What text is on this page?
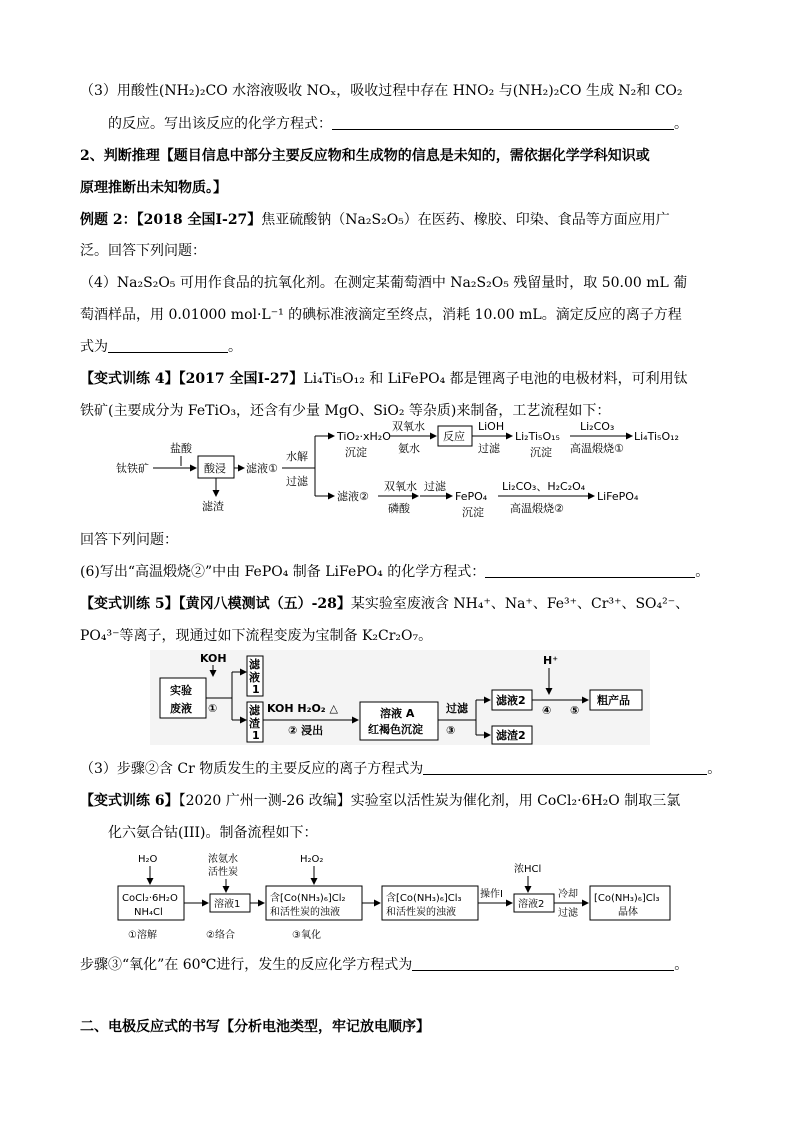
（3）用酸性(NH₂)₂CO 水溶液吸收 NOₓ，吸收过程中存在 HNO₂ 与(NH₂)₂CO 生成 N₂和 CO₂
的反应。写出该反应的化学方程式：	。
2、判断推理【题目信息中部分主要反应物和生成物的信息是未知的，需依据化学学科知识或
原理推断出未知物质。】
例题 2：【2018 全国I-27】焦亚硫酸钠（Na₂S₂O₅）在医药、橡胶、印染、食品等方面应用广
泛。回答下列问题：
（4）Na₂S₂O₅ 可用作食品的抗氧化剂。在测定某葡萄酒中 Na₂S₂O₅ 残留量时，取 50.00 mL 葡
萄酒样品，用 0.01000 mol·L⁻¹ 的碘标准液滴定至终点，消耗 10.00 mL。滴定反应的离子方程
式为	。
【变式训练 4】【2017 全国I-27】Li₄Ti₅O₁₂ 和 LiFePO₄ 都是锂离子电池的电极材料，可利用钛
铁矿(主要成分为 FeTiO₃，还含有少量 MgO、SiO₂ 等杂质)来制备，工艺流程如下：
钛铁矿
盐酸
酸浸
滤渣
滤液①
水解
过滤
TiO₂·xH₂O
沉淀
双氧水
氨水
反应
LiOH
过滤
Li₂Ti₅O₁₅
沉淀
Li₂CO₃
高温煅烧①
Li₄Ti₅O₁₂
滤液②
双氧水
磷酸
过滤
FePO₄
沉淀
Li₂CO₃、H₂C₂O₄
高温煅烧②
LiFePO₄
回答下列问题：
(6)写出“高温煅烧②”中由 FePO₄ 制备 LiFePO₄ 的化学方程式：	。
【变式训练 5】【黄冈八模测试（五）-28】某实验室废液含 NH₄⁺、Na⁺、Fe³⁺、Cr³⁺、SO₄²⁻、
PO₄³⁻等离子，现通过如下流程变废为宝制备 K₂Cr₂O₇。
KOH
实验
废液 ①
滤
液
1
滤
渣
1
KOH H₂O₂ △
② 浸出
溶液 A
红褐色沉淀
过滤
③
滤液2
滤渣2
H⁺
④ ⑤
粗产品
（3）步骤②含 Cr 物质发生的主要反应的离子方程式为	。
【变式训练 6】【2020 广州一测-26 改编】实验室以活性炭为催化剂，用 CoCl₂·6H₂O 制取三氯
化六氨合钴(III)。制备流程如下：
H₂O
CoCl₂·6H₂O
NH₄Cl
浓氨水
活性炭
溶液1
H₂O₂
含[Co(NH₃)₆]Cl₂
和活性炭的浊液
含[Co(NH₃)₆]Cl₃
和活性炭的浊液
操作I
浓HCl
溶液2
冷却
过滤
[Co(NH₃)₆]Cl₃
晶体
①溶解	②络合	③氧化
步骤③“氧化”在 60℃进行，发生的反应化学方程式为	。
二、电极反应式的书写【分析电池类型，牢记放电顺序】
